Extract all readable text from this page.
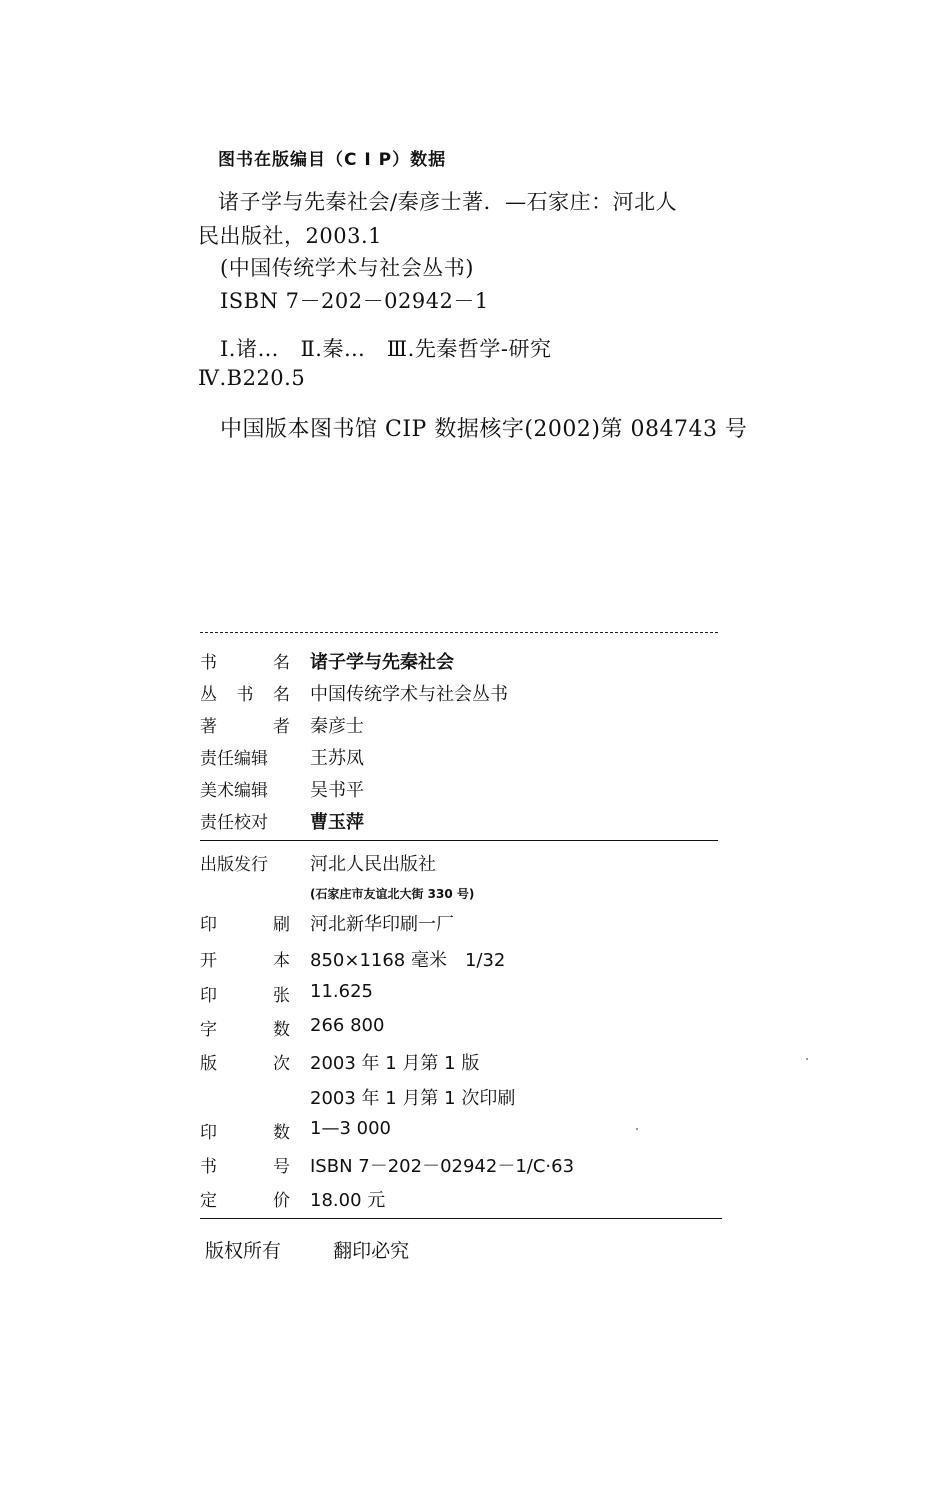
图书在版编目（C I P）数据
诸子学与先秦社会/秦彦士著．—石家庄：河北人
民出版社，2003.1
(中国传统学术与社会丛书)
ISBN 7－202－02942－1
Ⅰ.诸…　Ⅱ.秦…　Ⅲ.先秦哲学-研究
Ⅳ.B220.5
中国版本图书馆 CIP 数据核字(2002)第 084743 号
书	名 诸子学与先秦社会
丛 书 名 中国传统学术与社会丛书
著	者 秦彦士
责任编辑	王苏凤
美术编辑	吴书平
责任校对	曹玉萍
出版发行	河北人民出版社
(石家庄市友谊北大街 330 号)
印	刷 河北新华印刷一厂
开	本 850×1168 毫米　1/32
印	张 11.625
字	数 266 800
版	次 2003 年 1 月第 1 版
2003 年 1 月第 1 次印刷
印	数 1—3 000
书	号 ISBN 7－202－02942－1/C·63
定	价 18.00 元
版权所有	翻印必究
